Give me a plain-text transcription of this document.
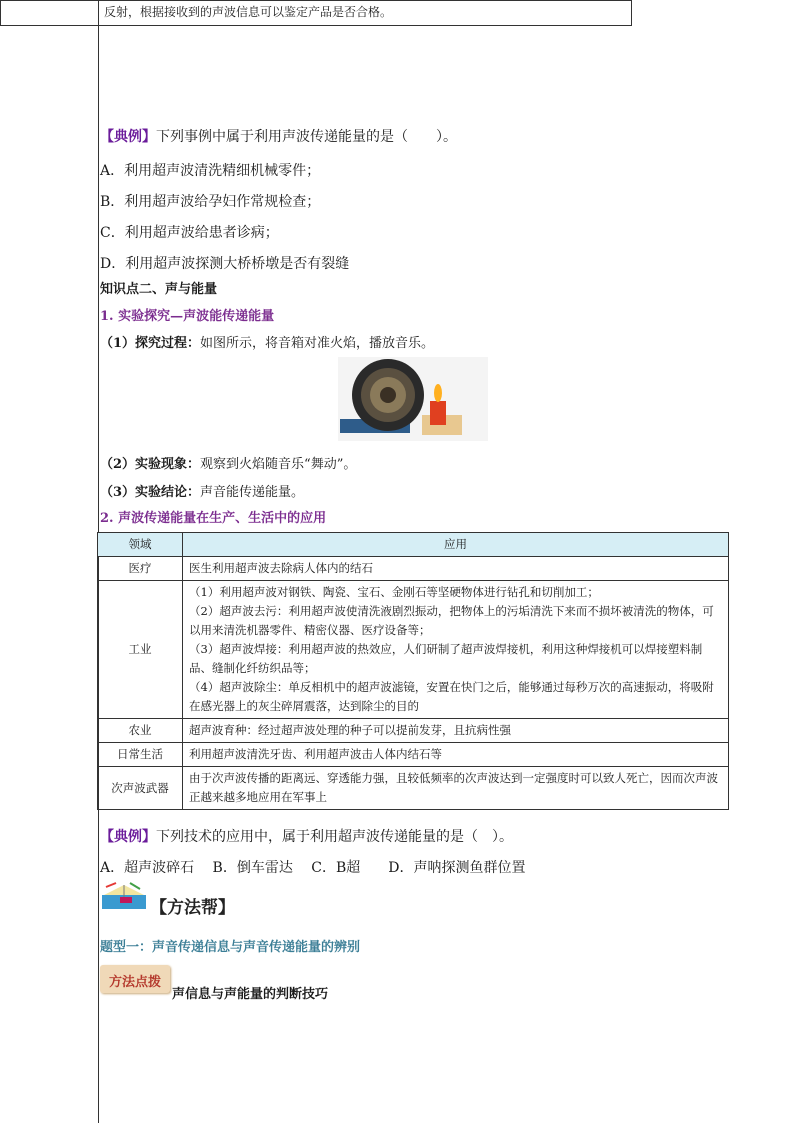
反射，根据接收到的声波信息可以鉴定产品是否合格。
【典例】下列事例中属于利用声波传递能量的是（　　）。
A．利用超声波清洗精细机械零件；
B．利用超声波给孕妇作常规检查；
C．利用超声波给患者诊病；
D．利用超声波探测大桥桥墩是否有裂缝
知识点二、声与能量
1. 实验探究—声波能传递能量
（1）探究过程：如图所示，将音箱对准火焰，播放音乐。
（2）实验现象：观察到火焰随音乐“舞动”。
（3）实验结论：声音能传递能量。
2. 声波传递能量在生产、生活中的应用
领域	应用
医疗	医生利用超声波去除病人体内的结石
工业	（1）利用超声波对钢铁、陶瓷、宝石、金刚石等坚硬物体进行钻孔和切削加工；
（2）超声波去污：利用超声波使清洗液剧烈振动，把物体上的污垢清洗下来而不损坏被清洗的物体，可以用来清洗机器零件、精密仪器、医疗设备等；
（3）超声波焊接：利用超声波的热效应，人们研制了超声波焊接机，利用这种焊接机可以焊接塑料制品、缝制化纤纺织品等；
（4）超声波除尘：单反相机中的超声波滤镜，安置在快门之后，能够通过每秒万次的高速振动，将吸附在感光器上的灰尘碎屑震落，达到除尘的目的

农业	超声波育种：经过超声波处理的种子可以提前发芽，且抗病性强
日常生活	利用超声波清洗牙齿、利用超声波击人体内结石等
次声波武器	由于次声波传播的距离远、穿透能力强，且较低频率的次声波达到一定强度时可以致人死亡，因而次声波正越来越多地应用在军事上
【典例】下列技术的应用中，属于利用超声波传递能量的是（　）。
A．超声波碎石　 B．倒车雷达　 C．B超　　D．声呐探测鱼群位置
【方法帮】
题型一：声音传递信息与声音传递能量的辨别
方法点拨
声信息与声能量的判断技巧
